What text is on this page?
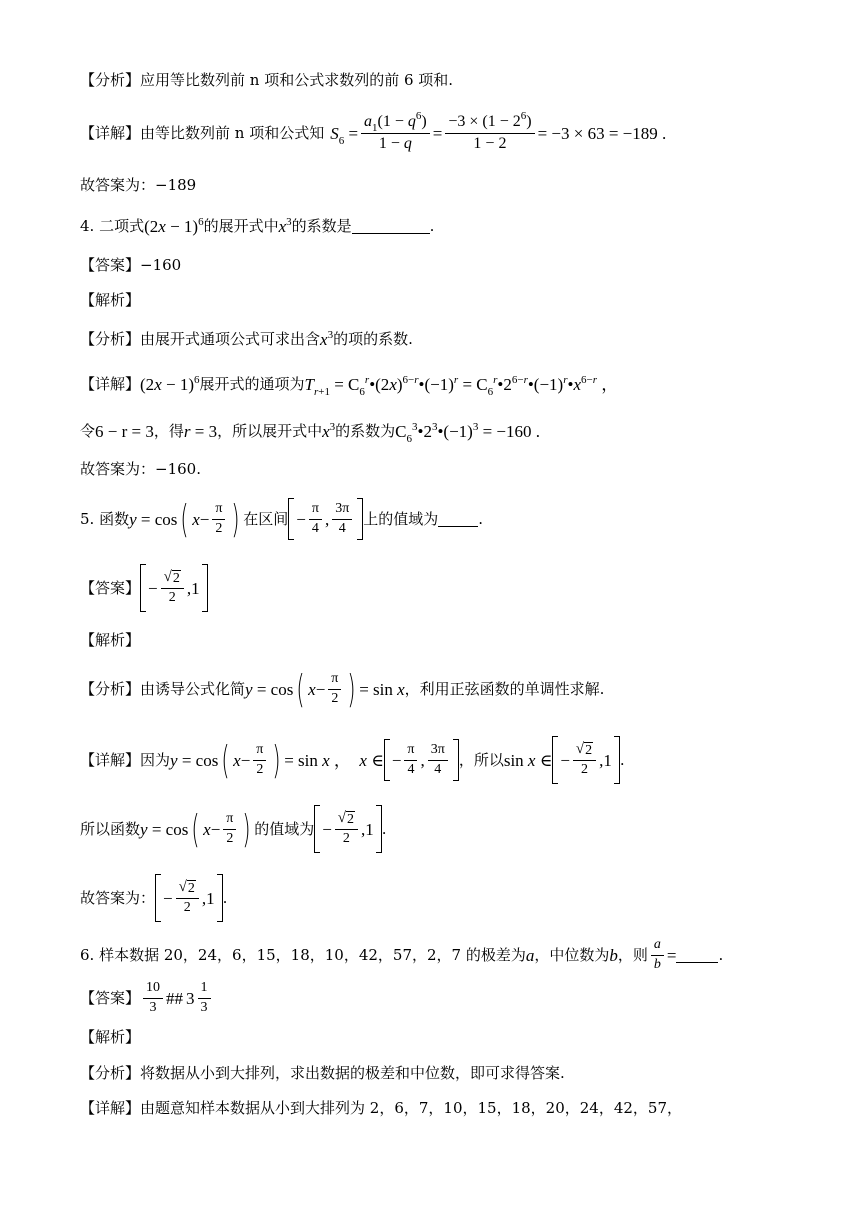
【分析】应用等比数列前 n 项和公式求数列的前 6 项和.
【详解】由等比数列前 n 项和公式知 $S_6 = \frac{a_1(1 - q^6)}{1 - q} = \frac{-3 \times (1 - 2^6)}{1 - 2} = -3 \times 63 = -189$ .
故答案为：−189
4. 二项式 $(2x - 1)^6$ 的展开式中 x $^3$ 的系数是	.
【答案】−160
【解析】
【分析】由展开式通项公式可求出含 x $^3$ 的项的系数.
【详解】 $(2x - 1)^6$ 展开式的通项为 $T_{r+1}$ = $C_6^r•(2x)^{6-r}•(-1)^r$ = $C_6^r•2^{6-r}•(-1)^r•x^{6-r}$ ，
令 6 − r = 3 ，得 r = 3 ，所以展开式中 x $^3$ 的系数为 $C_6^3•2^3•(-1)^3 = -160$ .
故答案为：−160.
5. 函数 y = cos ( $x - \frac{\pi}{2}$ ) 在区间 − $\frac{\pi}{4}$ , $\frac{3\pi}{4}$ 上的值域为	.
【答案】 − $\frac{√ 2}{2} ,1$
【解析】
【分析】由诱导公式化简 y = cos ( $x - \frac{\pi}{2}$ ) = sin x ，利用正弦函数的单调性求解.
【详解】因为 y = cos ( $x - \frac{\pi}{2}$ ) = sin x ，  x ∈ − $\frac{\pi}{4}$ , $\frac{3\pi}{4}$ ，所以 sin x ∈ − $\frac{√ 2}{2} ,1$ .
所以函数 y = cos ( $x - \frac{\pi}{2}$ ) 的值域为 − $\frac{√ 2}{2} ,1$ .
故答案为： − $\frac{√ 2}{2} ,1$ .
6. 样本数据 20，24，6，15，18，10，42，57，2，7 的极差为 a ，中位数为 b ，则 $\frac{a}{b}$ =	.
【答案】 $\frac{10}{3}$ ## $3 \frac{1}{3}$
【解析】
【分析】将数据从小到大排列，求出数据的极差和中位数，即可求得答案.
【详解】由题意知样本数据从小到大排列为 2，6，7，10，15，18，20，24，42，57，
